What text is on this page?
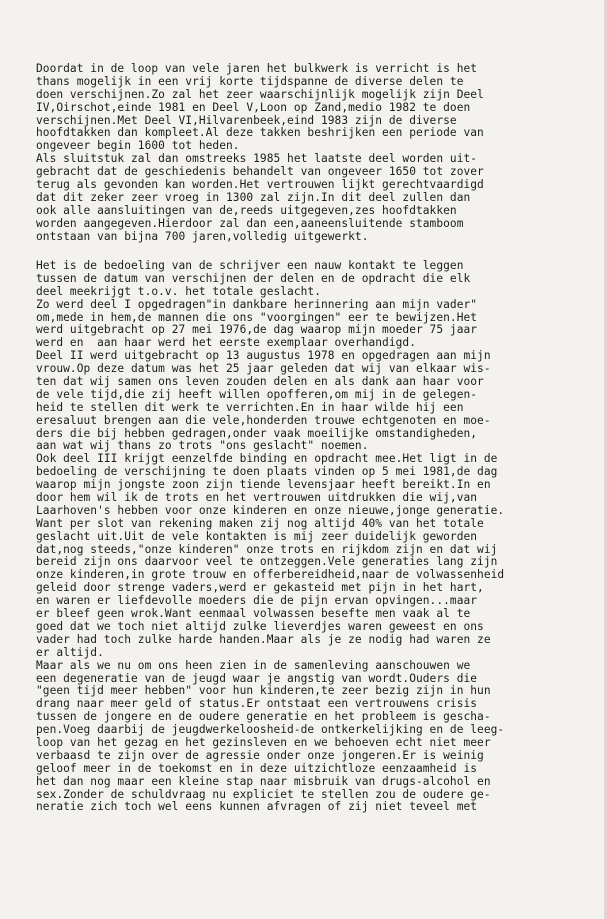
Doordat in de loop van vele jaren het bulkwerk is verricht is het
thans mogelijk in een vrij korte tijdspanne de diverse delen te
doen verschijnen.Zo zal het zeer waarschijnlijk mogelijk zijn Deel
IV,Oirschot,einde 1981 en Deel V,Loon op Zand,medio 1982 te doen
verschijnen.Met Deel VI,Hilvarenbeek,eind 1983 zijn de diverse
hoofdtakken dan kompleet.Al deze takken beshrijken een periode van
ongeveer begin 1600 tot heden.
Als sluitstuk zal dan omstreeks 1985 het laatste deel worden uit-
gebracht dat de geschiedenis behandelt van ongeveer 1650 tot zover
terug als gevonden kan worden.Het vertrouwen lijkt gerechtvaardigd
dat dit zeker zeer vroeg in 1300 zal zijn.In dit deel zullen dan
ook alle aansluitingen van de,reeds uitgegeven,zes hoofdtakken
worden aangegeven.Hierdoor zal dan een,aaneensluitende stamboom
ontstaan van bijna 700 jaren,volledig uitgewerkt.
Het is de bedoeling van de schrijver een nauw kontakt te leggen
tussen de datum van verschijnen der delen en de opdracht die elk
deel meekrijgt t.o.v. het totale geslacht.
Zo werd deel I opgedragen"in dankbare herinnering aan mijn vader"
om,mede in hem,de mannen die ons "voorgingen" eer te bewijzen.Het
werd uitgebracht op 27 mei 1976,de dag waarop mijn moeder 75 jaar
werd en  aan haar werd het eerste exemplaar overhandigd.
Deel II werd uitgebracht op 13 augustus 1978 en opgedragen aan mijn
vrouw.Op deze datum was het 25 jaar geleden dat wij van elkaar wis-
ten dat wij samen ons leven zouden delen en als dank aan haar voor
de vele tijd,die zij heeft willen opofferen,om mij in de gelegen-
heid te stellen dit werk te verrichten.En in haar wilde hij een
eresaluut brengen aan die vele,honderden trouwe echtgenoten en moe-
ders die bij hebben gedragen,onder vaak moeilijke omstandigheden,
aan wat wij thans zo trots "ons geslacht" noemen.
Ook deel III krijgt eenzelfde binding en opdracht mee.Het ligt in de
bedoeling de verschijning te doen plaats vinden op 5 mei 1981,de dag
waarop mijn jongste zoon zijn tiende levensjaar heeft bereikt.In en
door hem wil ik de trots en het vertrouwen uitdrukken die wij,van
Laarhoven's hebben voor onze kinderen en onze nieuwe,jonge generatie.
Want per slot van rekening maken zij nog altijd 40% van het totale
geslacht uit.Uit de vele kontakten is mij zeer duidelijk geworden
dat,nog steeds,"onze kinderen" onze trots en rijkdom zijn en dat wij
bereid zijn ons daarvoor veel te ontzeggen.Vele generaties lang zijn
onze kinderen,in grote trouw en offerbereidheid,naar de volwassenheid
geleid door strenge vaders,werd er gekasteid met pijn in het hart,
en waren er liefdevolle moeders die de pijn ervan opvingen...maar
er bleef geen wrok.Want eenmaal volwassen besefte men vaak al te
goed dat we toch niet altijd zulke lieverdjes waren geweest en ons
vader had toch zulke harde handen.Maar als je ze nodig had waren ze
er altijd.
Maar als we nu om ons heen zien in de samenleving aanschouwen we
een degeneratie van de jeugd waar je angstig van wordt.Ouders die
"geen tijd meer hebben" voor hun kinderen,te zeer bezig zijn in hun
drang naar meer geld of status.Er ontstaat een vertrouwens crisis
tussen de jongere en de oudere generatie en het probleem is gescha-
pen.Voeg daarbij de jeugdwerkeloosheid-de ontkerkelijking en de leeg-
loop van het gezag en het gezinsleven en we behoeven echt niet meer
verbaasd te zijn over de agressie onder onze jongeren.Er is weinig
geloof meer in de toekomst en in deze uitzichtloze eenzaamheid is
het dan nog maar een kleine stap naar misbruik van drugs-alcohol en
sex.Zonder de schuldvraag nu expliciet te stellen zou de oudere ge-
neratie zich toch wel eens kunnen afvragen of zij niet teveel met
